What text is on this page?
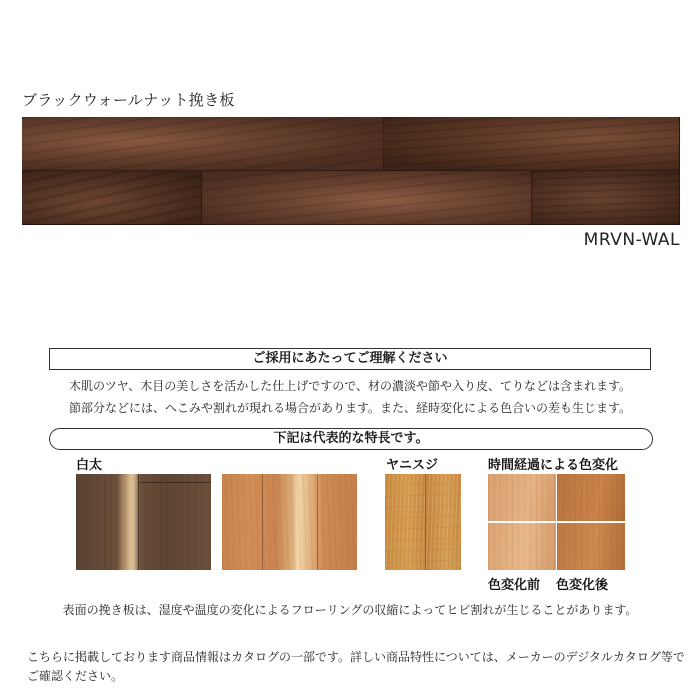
ブラックウォールナット挽き板
MRVN-WAL
ご採用にあたってご理解ください
木肌のツヤ、木目の美しさを活かした仕上げですので、材の濃淡や節や入り皮、てりなどは含まれます。
節部分などには、へこみや割れが現れる場合があります。また、経時変化による色合いの差も生じます。
下記は代表的な特長です。
白太	ヤニスジ	時間経過による色変化
色変化前 色変化後
表面の挽き板は、湿度や温度の変化によるフローリングの収縮によってヒビ割れが生じることがあります。
こちらに掲載しております商品情報はカタログの一部です。詳しい商品特性については、メーカーのデジタルカタログ等でご確認ください。
